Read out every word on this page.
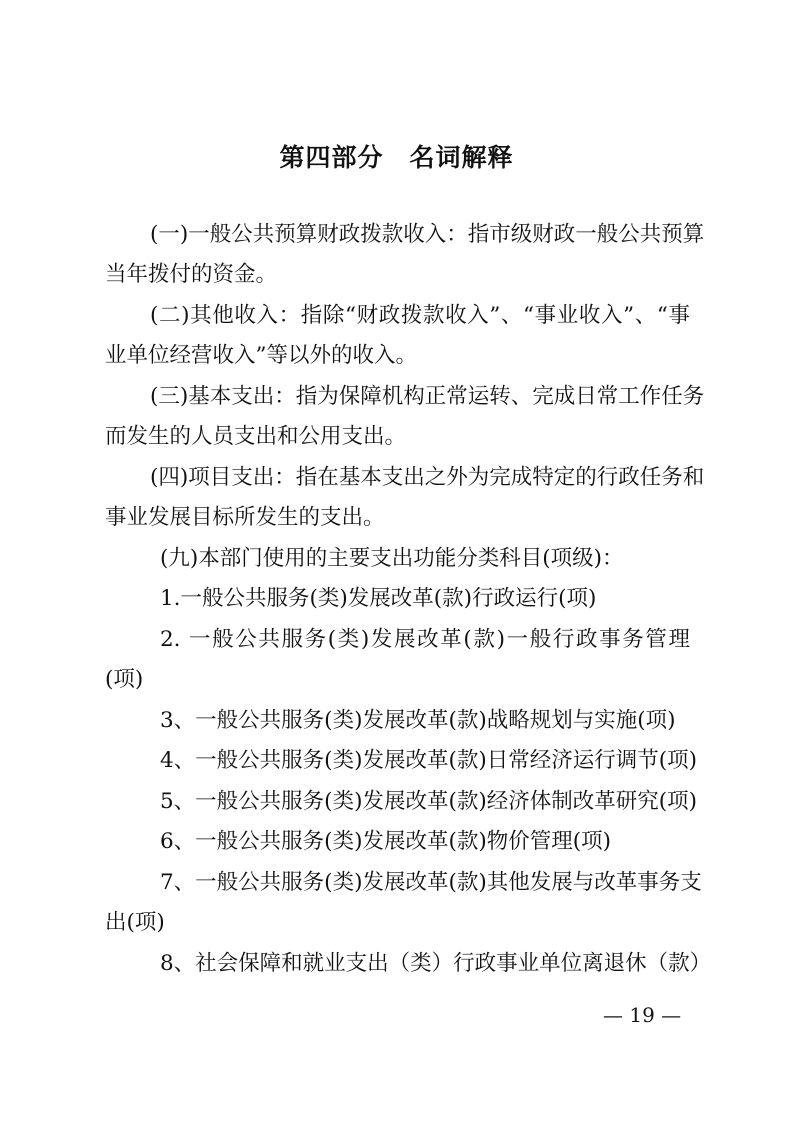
第四部分 名词解释
(一)一般公共预算财政拨款收入：指市级财政一般公共预算
当年拨付的资金。
(二)其他收入：指除“财政拨款收入”、“事业收入”、“事
业单位经营收入”等以外的收入。
(三)基本支出：指为保障机构正常运转、完成日常工作任务
而发生的人员支出和公用支出。
(四)项目支出：指在基本支出之外为完成特定的行政任务和
事业发展目标所发生的支出。
(九)本部门使用的主要支出功能分类科目(项级)：
1.一般公共服务(类)发展改革(款)行政运行(项)
2. 一般公共服务(类)发展改革(款)一般行政事务管理
(项)
3、一般公共服务(类)发展改革(款)战略规划与实施(项)
4、一般公共服务(类)发展改革(款)日常经济运行调节(项)
5、一般公共服务(类)发展改革(款)经济体制改革研究(项)
6、一般公共服务(类)发展改革(款)物价管理(项)
7、一般公共服务(类)发展改革(款)其他发展与改革事务支
出(项)
8、社会保障和就业支出（类）行政事业单位离退休（款）
— 19 —
